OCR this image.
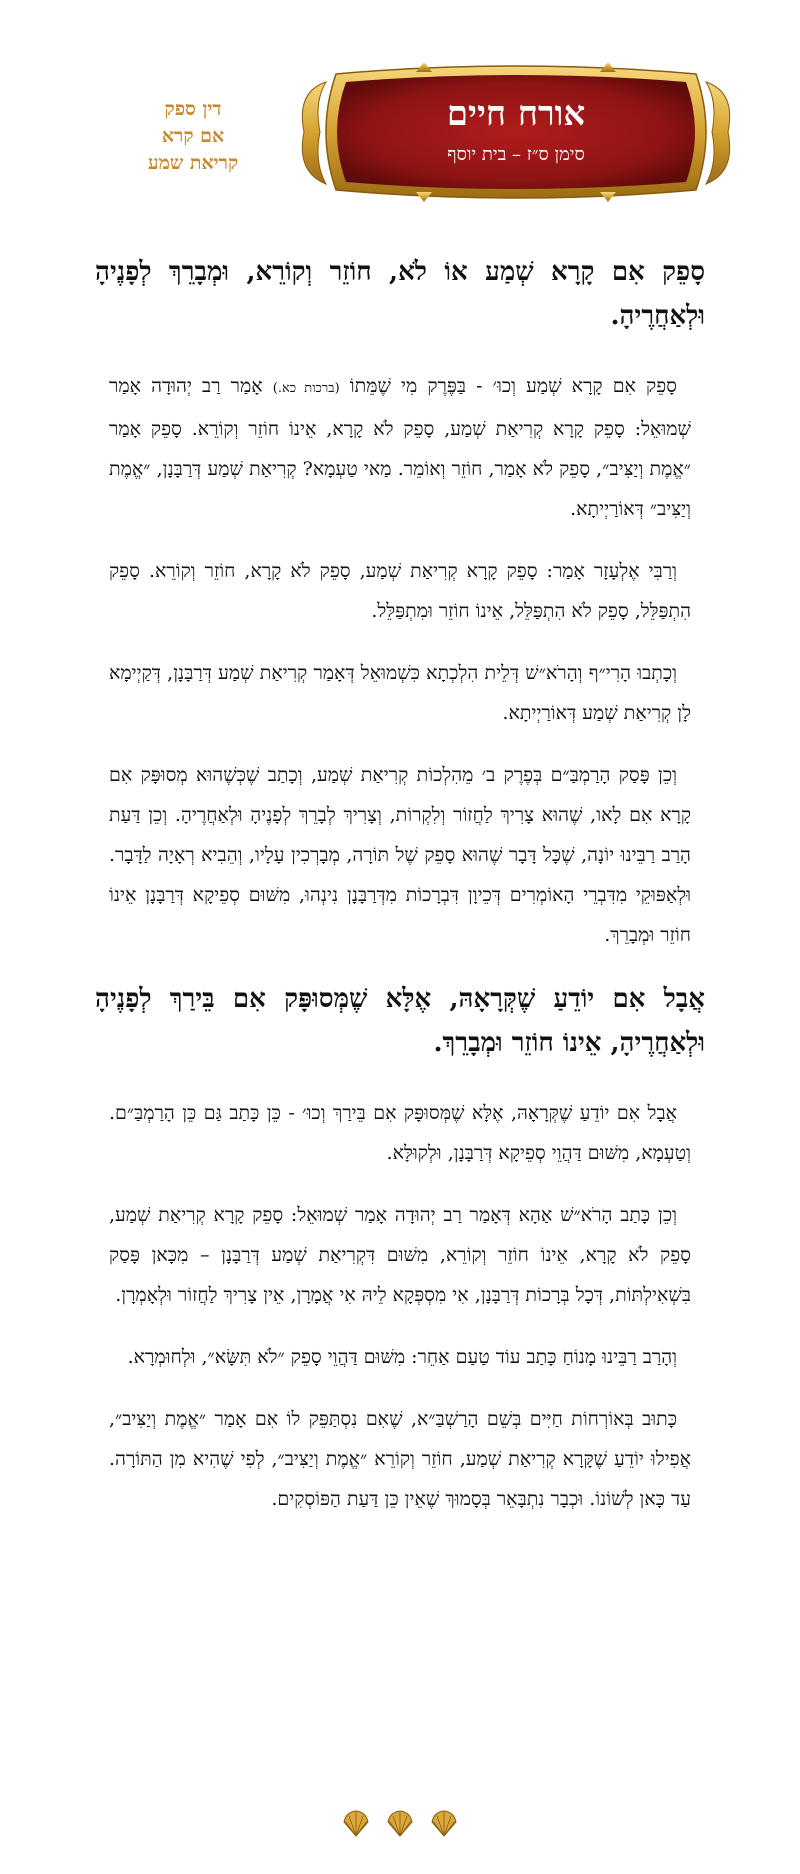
דין ספק
אם קרא
קריאת שמע
אורח חיים
סימן ס״ז – בית יוסף
סָפֵק אִם קָרָא שְׁמַע אוֹ לֹא, חוֹזֵר וְקוֹרֵא, וּמְבָרֵךְ לְפָנֶיהָ וּלְאַחֲרֶיהָ.

סָפֵק אִם קָרָא שְׁמַע וְכוּ׳ - בַּפֶּרֶק מִי שֶׁמֵּתוֹ (ברכות כא.) אָמַר רַב יְהוּדָה אָמַר שְׁמוּאֵל: סָפֵק קָרָא קְרִיאַת שְׁמַע, סָפֵק לֹא קָרָא, אֵינוֹ חוֹזֵר וְקוֹרֵא. סָפֵק אָמַר ״אֱמֶת וְיַצִּיב״, סָפֵק לֹא אָמַר, חוֹזֵר וְאוֹמֵר. מַאי טַעְמָא? קְרִיאַת שְׁמַע דְּרַבָּנָן, ״אֱמֶת וְיַצִּיב״ דְּאוֹרַיְיתָא.

וְרַבִּי אֶלְעָזָר אָמַר: סָפֵק קָרָא קְרִיאַת שְׁמַע, סָפֵק לֹא קָרָא, חוֹזֵר וְקוֹרֵא. סָפֵק הִתְפַּלֵּל, סָפֵק לֹא הִתְפַּלֵּל, אֵינוֹ חוֹזֵר וּמִתְפַּלֵּל.

וְכָתְבוּ הָרִי״ף וְהָרֹא״שׁ דְּלֵית הִלְכְתָא כִּשְׁמוּאֵל דְּאָמַר קְרִיאַת שְׁמַע דְּרַבָּנָן, דְּקַיְימָא לָן קְרִיאַת שְׁמַע דְּאוֹרַיְיתָא.

וְכֵן פָּסַק הָרַמְבַּ״ם בְּפֶרֶק ב׳ מֵהִלְכוֹת קְרִיאַת שְׁמַע, וְכָתַב שֶׁכְּשֶׁהוּא מְסוּפָּק אִם קָרָא אִם לָאו, שֶׁהוּא צָרִיךְ לַחֲזוֹר וְלִקְרוֹת, וְצָרִיךְ לְבָרֵךְ לְפָנֶיהָ וּלְאַחֲרֶיהָ. וְכֵן דַּעַת הָרַב רַבֵּינוּ יוֹנָה, שֶׁכָּל דָּבָר שֶׁהוּא סָפֵק שֶׁל תּוֹרָה, מְבָרְכִין עָלָיו, וְהֵבִיא רְאָיָה לַדָּבָר. וּלְאַפּוּקֵי מִדִּבְרֵי הָאוֹמְרִים דְּכֵיוָן דִּבְרָכוֹת מִדְּרַבָּנָן נִינְהוּ, מִשּׁוּם סְפֵיקָא דְּרַבָּנָן אֵינוֹ חוֹזֵר וּמְבָרֵךְ.

אֲבָל אִם יוֹדֵעַ שֶׁקְּרָאָהּ, אֶלָּא שֶׁמְּסוּפָּק אִם בֵּירַךְ לְפָנֶיהָ וּלְאַחֲרֶיהָ, אֵינוֹ חוֹזֵר וּמְבָרֵךְ.

אֲבָל אִם יוֹדֵעַ שֶׁקְּרָאָהּ, אֶלָּא שֶׁמְּסוּפָּק אִם בֵּירַךְ וְכוּ׳ - כֵּן כָּתַב גַּם כֵּן הָרַמְבַּ״ם. וְטַעְמָא, מִשּׁוּם דַּהֲוֵי סְפֵיקָא דְּרַבָּנָן, וּלְקוּלָּא.

וְכֵן כָּתַב הָרֹא״שׁ אַהָא דְּאָמַר רַב יְהוּדָה אָמַר שְׁמוּאֵל: סָפֵק קָרָא קְרִיאַת שְׁמַע, סָפֵק לֹא קָרָא, אֵינוֹ חוֹזֵר וְקוֹרֵא, מִשּׁוּם דִּקְרִיאַת שְׁמַע דְּרַבָּנָן – מִכָּאן פָּסַק בִּשְׁאִילְתּוֹת, דְּכָל בְּרָכוֹת דְּרַבָּנָן, אִי מִסְפְּקָא לֵיהּ אִי אֲמָרָן, אֵין צָרִיךְ לַחֲזוֹר וּלְאָמְרָן.

וְהָרַב רַבֵּינוּ מָנוֹחַ כָּתַב עוֹד טַעַם אַחֵר: מִשּׁוּם דַּהֲוֵי סָפֵק ״לֹא תִּשָּׂא״, וּלְחוּמְרָא.

כָּתוּב בְּאוֹרְחוֹת חַיִּים בְּשֵׁם הָרַשְׁבַּ״א, שֶׁאִם נִסְתַּפֵּק לוֹ אִם אָמַר ״אֱמֶת וְיַצִּיב״, אֲפִילוּ יוֹדֵעַ שֶׁקָּרָא קְרִיאַת שְׁמַע, חוֹזֵר וְקוֹרֵא ״אֱמֶת וְיַצִּיב״, לְפִי שֶׁהִיא מִן הַתּוֹרָה. עַד כָּאן לְשׁוֹנוֹ. וּכְבָר נִתְבָּאֵר בְּסָמוּךְ שֶׁאֵין כֵּן דַּעַת הַפּוֹסְקִים.
